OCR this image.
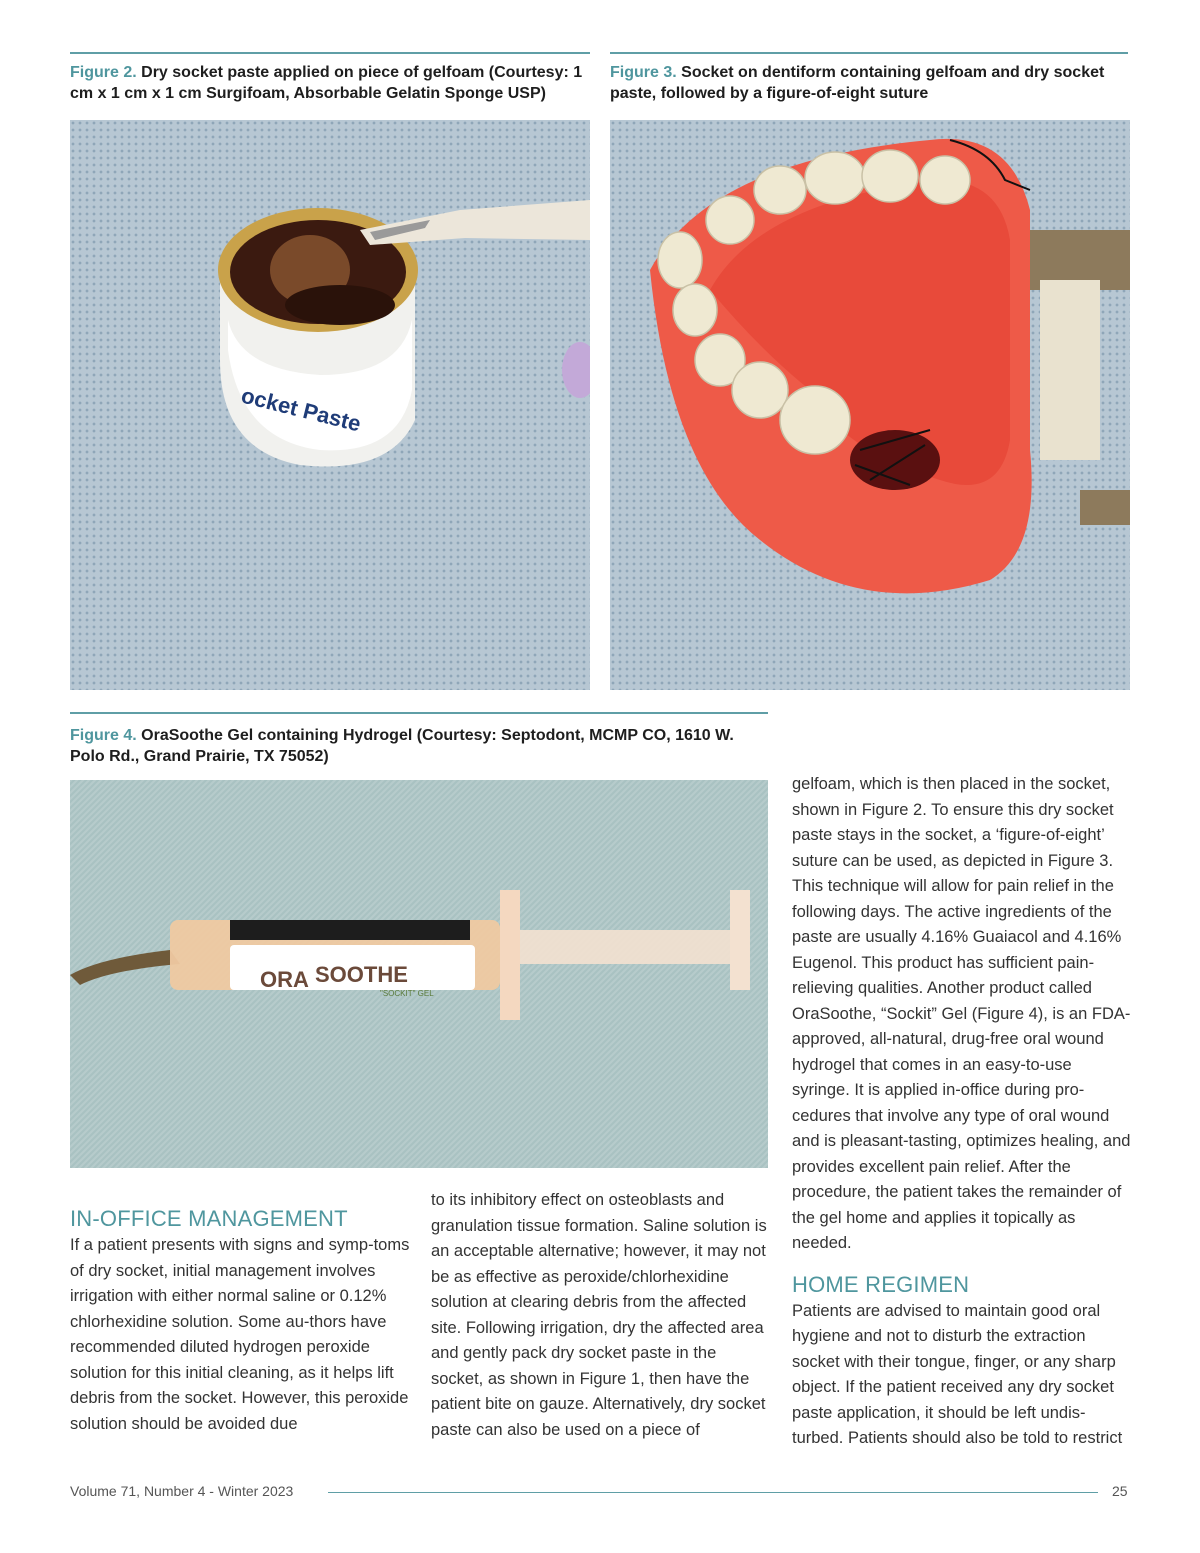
Figure 2. Dry socket paste applied on piece of gelfoam (Courtesy: 1 cm x 1 cm x 1 cm Surgifoam, Absorbable Gelatin Sponge USP)
ocket Paste
Figure 3. Socket on dentiform containing gelfoam and dry socket paste, followed by a figure-of-eight suture
Figure 4. OraSoothe Gel containing Hydrogel (Courtesy: Septodont, MCMP CO, 1610 W. Polo Rd., Grand Prairie, TX 75052)
ORA SOOTHE
"SOCKIT" GEL

IN-OFFICE MANAGEMENT

If a patient presents with signs and symp-toms of dry socket, initial management involves irrigation with either normal saline or 0.12% chlorhexidine solution. Some au-thors have recommended diluted hydrogen peroxide solution for this initial cleaning, as it helps lift debris from the socket. However, this peroxide solution should be avoided due

to its inhibitory effect on osteoblasts and granulation tissue formation. Saline solution is an acceptable alternative; however, it may not be as effective as peroxide/chlorhexidine solution at clearing debris from the affected site. Following irrigation, dry the affected area and gently pack dry socket paste in the socket, as shown in Figure 1, then have the patient bite on gauze. Alternatively, dry socket paste can also be used on a piece of

gelfoam, which is then placed in the socket, shown in Figure 2. To ensure this dry socket paste stays in the socket, a ‘figure-of-eight’ suture can be used, as depicted in Figure 3. This technique will allow for pain relief in the following days. The active ingredients of the paste are usually 4.16% Guaiacol and 4.16% Eugenol. This product has sufficient pain-relieving qualities. Another product called OraSoothe, “Sockit” Gel (Figure 4), is an FDA-approved, all-natural, drug-free oral wound hydrogel that comes in an easy-to-use syringe. It is applied in-office during pro-cedures that involve any type of oral wound and is pleasant-tasting, optimizes healing, and provides excellent pain relief. After the procedure, the patient takes the remainder of the gel home and applies it topically as needed.

HOME REGIMEN

Patients are advised to maintain good oral hygiene and not to disturb the extraction socket with their tongue, finger, or any sharp object. If the patient received any dry socket paste application, it should be left undis-turbed. Patients should also be told to restrict

Volume 71, Number 4 - Winter 2023	25
